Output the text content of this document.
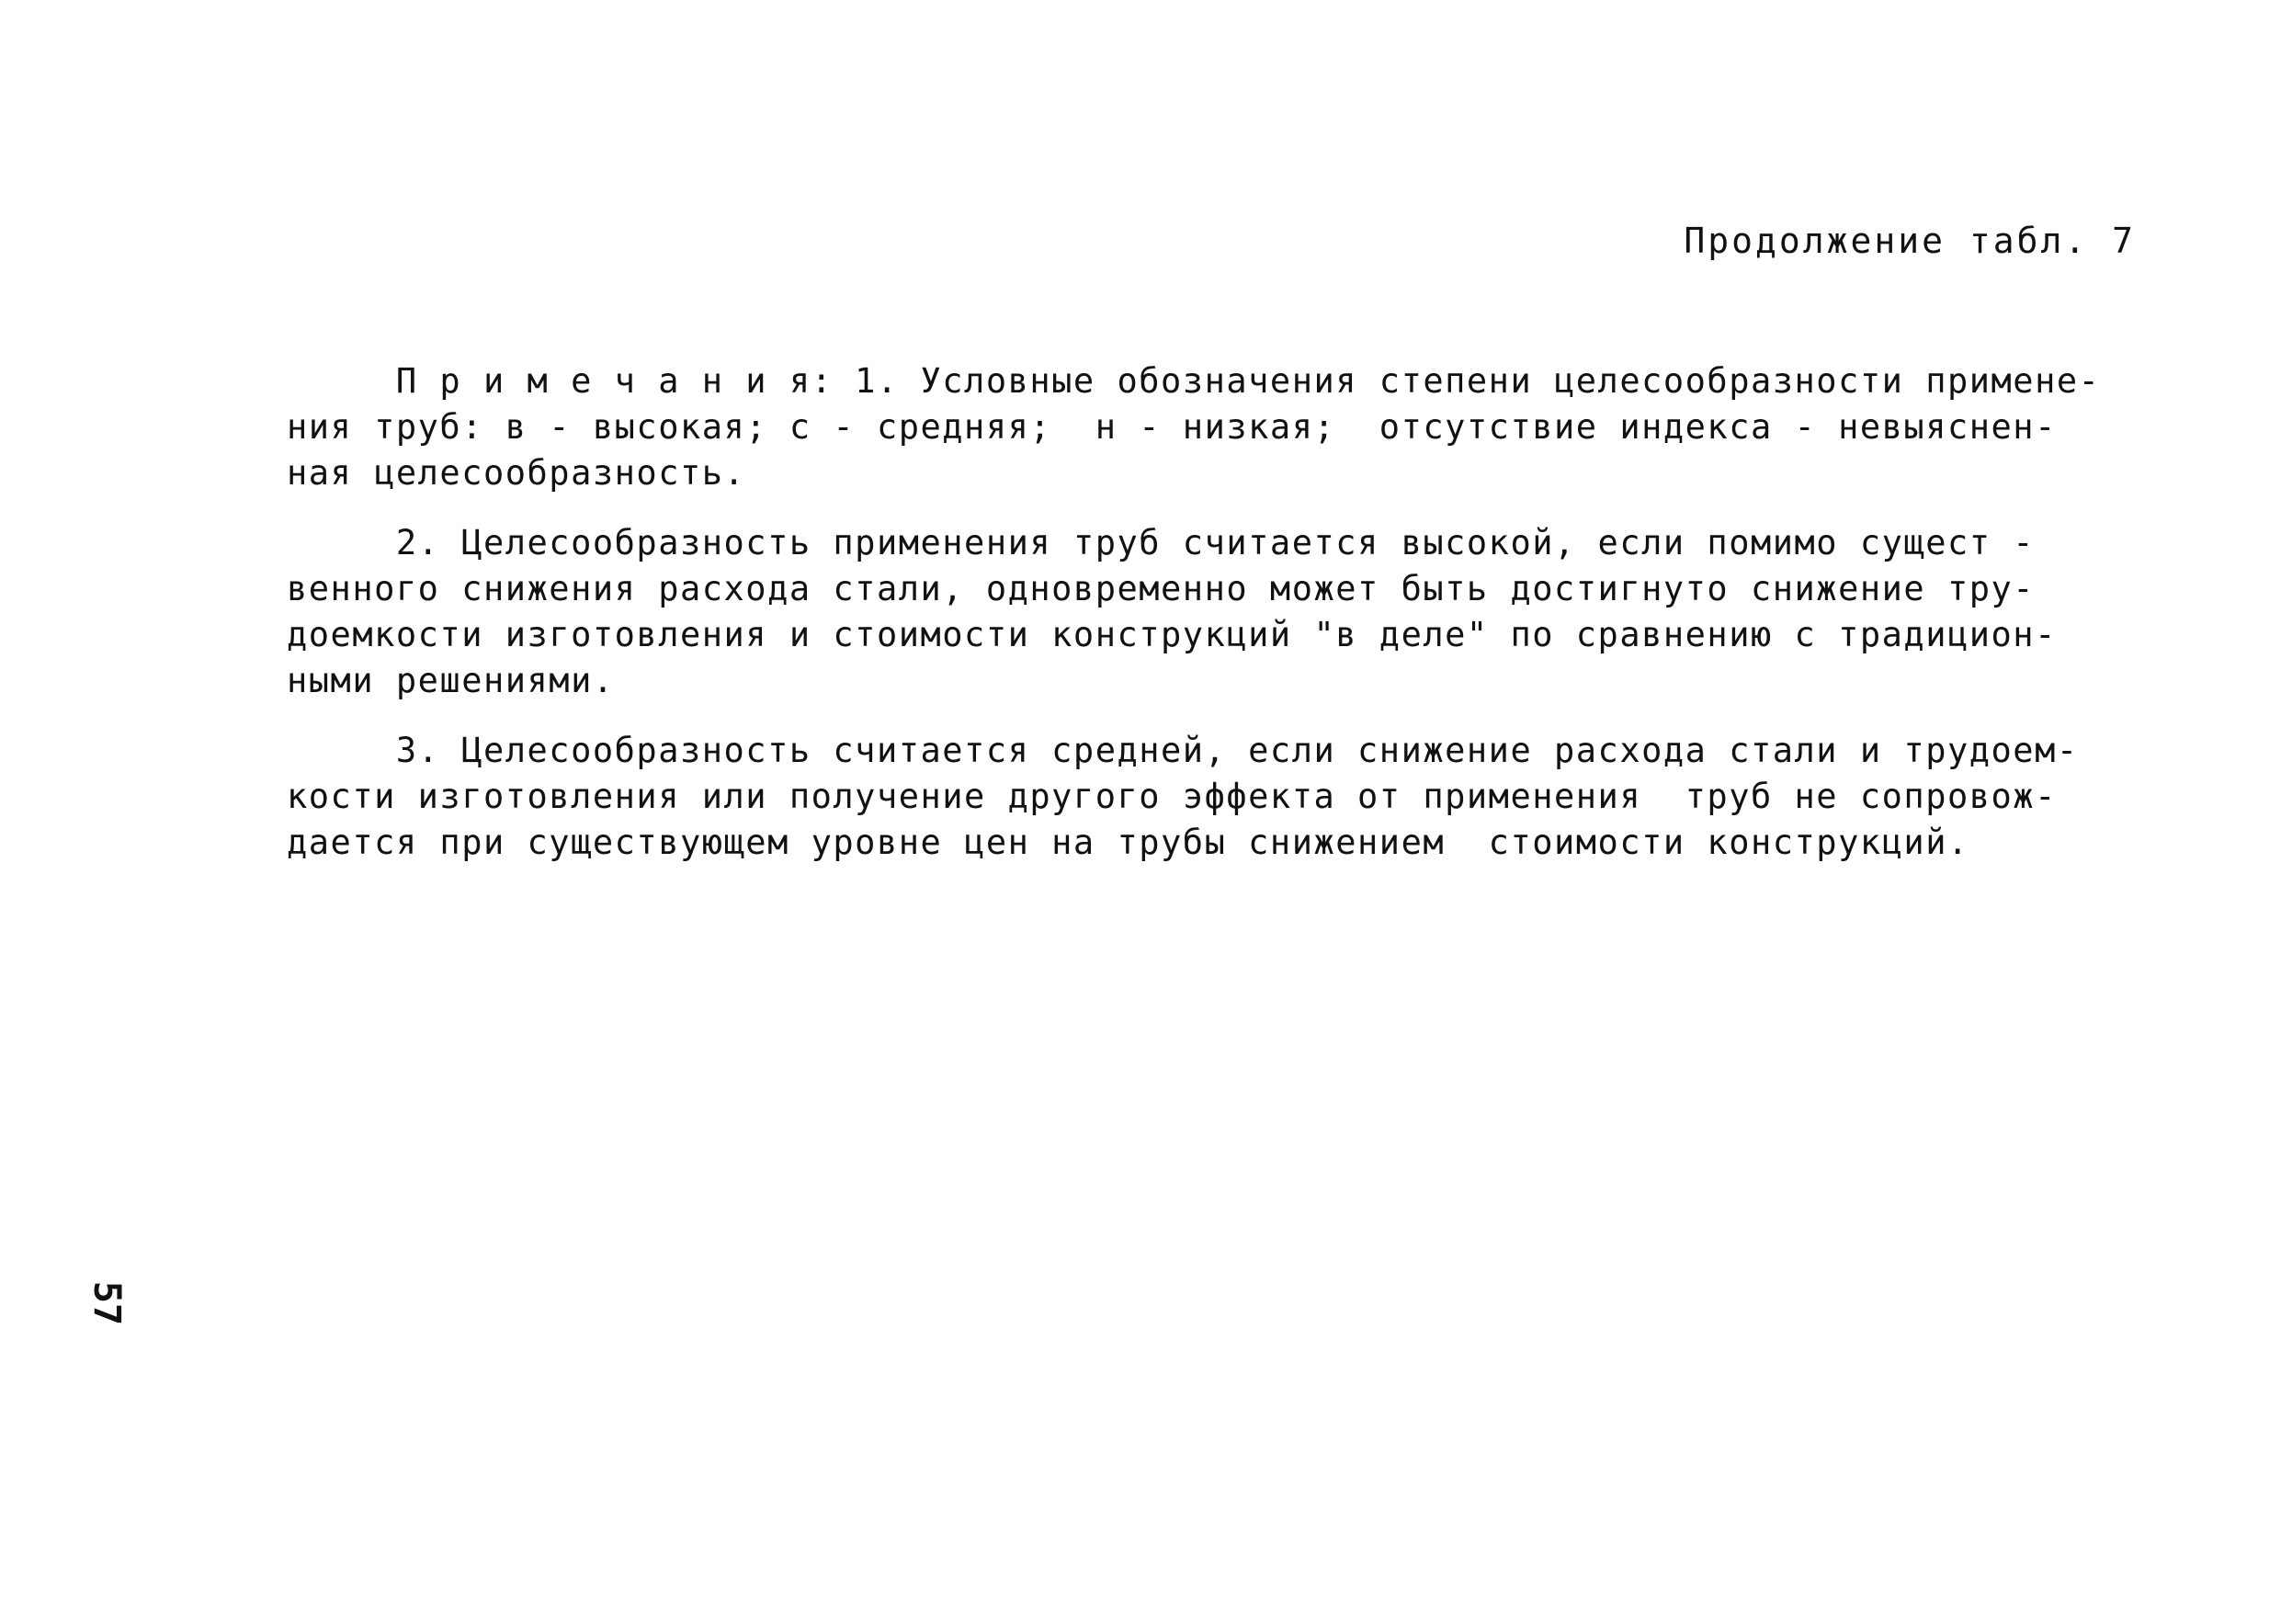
Продолжение табл. 7
П р и м е ч а н и я: 1. Условные обозначения степени целесообразности примене-
ния труб: в - высокая; с - средняя;  н - низкая;  отсутствие индекса - невыяснен-
ная целесообразность.
2. Целесообразность применения труб считается высокой, если помимо сущест -
венного снижения расхода стали, одновременно может быть достигнуто снижение тру-
доемкости изготовления и стоимости конструкций "в деле" по сравнению с традицион-
ными решениями.
3. Целесообразность считается средней, если снижение расхода стали и трудоем-
кости изготовления или получение другого эффекта от применения  труб не сопровож-
дается при существующем уровне цен на трубы снижением  стоимости конструкций.
57
